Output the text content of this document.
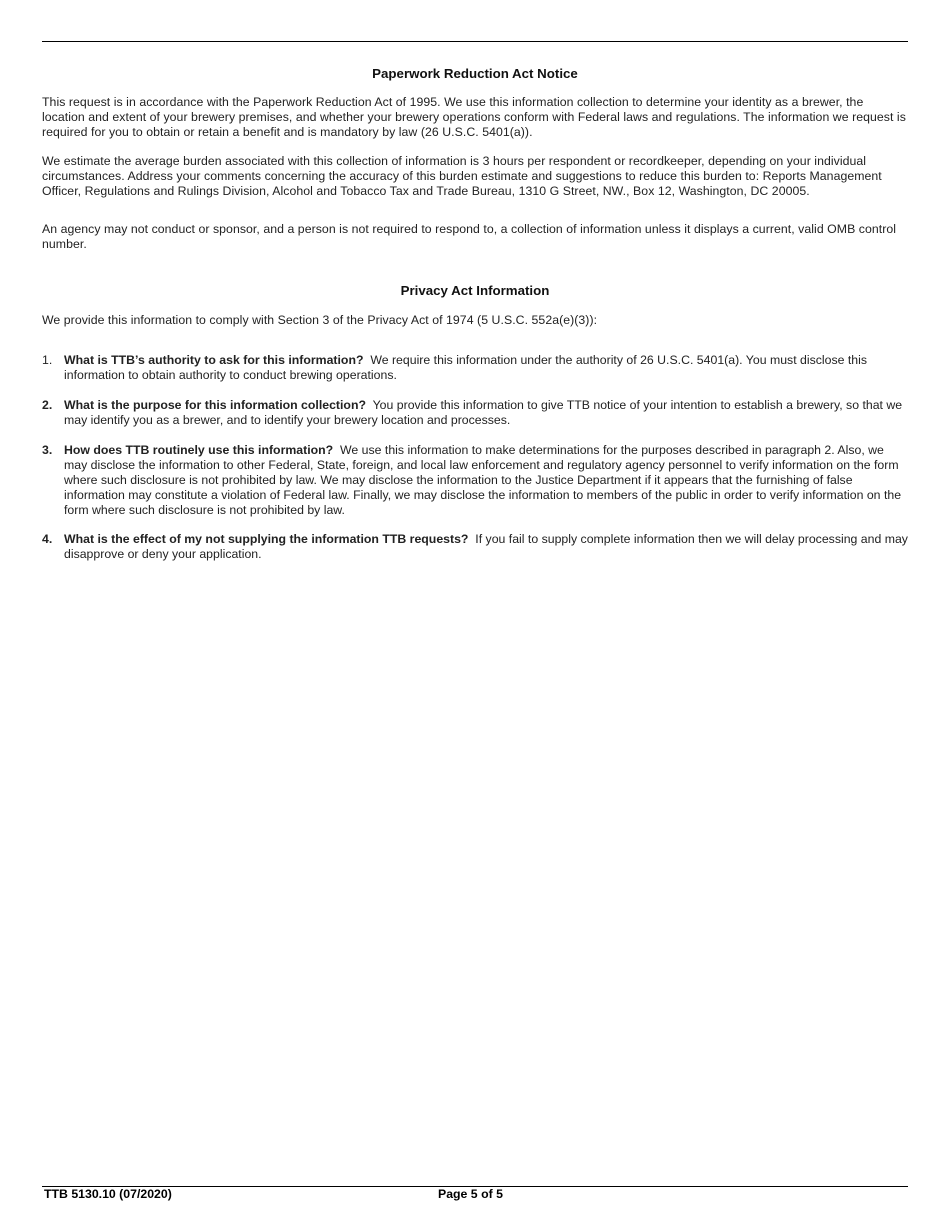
Paperwork Reduction Act Notice

This request is in accordance with the Paperwork Reduction Act of 1995. We use this information collection to determine your identity as a brewer, the location and extent of your brewery premises, and whether your brewery operations conform with Federal laws and regulations. The information we request is required for you to obtain or retain a benefit and is mandatory by law (26 U.S.C. 5401(a)).

We estimate the average burden associated with this collection of information is 3 hours per respondent or recordkeeper, depending on your individual circumstances. Address your comments concerning the accuracy of this burden estimate and suggestions to reduce this burden to: Reports Management Officer, Regulations and Rulings Division, Alcohol and Tobacco Tax and Trade Bureau, 1310 G Street, NW., Box 12, Washington, DC 20005.

An agency may not conduct or sponsor, and a person is not required to respond to, a collection of information unless it displays a current, valid OMB control number.

Privacy Act Information

We provide this information to comply with Section 3 of the Privacy Act of 1974 (5 U.S.C. 552a(e)(3)):

1. What is TTB’s authority to ask for this information? We require this information under the authority of 26 U.S.C. 5401(a). You must disclose this information to obtain authority to conduct brewing operations.
2. What is the purpose for this information collection? You provide this information to give TTB notice of your intention to establish a brewery, so that we may identify you as a brewer, and to identify your brewery location and processes.
3. How does TTB routinely use this information? We use this information to make determinations for the purposes described in paragraph 2. Also, we may disclose the information to other Federal, State, foreign, and local law enforcement and regulatory agency personnel to verify information on the form where such disclosure is not prohibited by law. We may disclose the information to the Justice Department if it appears that the furnishing of false information may constitute a violation of Federal law. Finally, we may disclose the information to members of the public in order to verify information on the form where such disclosure is not prohibited by law.
4. What is the effect of my not supplying the information TTB requests? If you fail to supply complete information then we will delay processing and may disapprove or deny your application.
TTB 5130.10 (07/2020)	Page 5 of 5
